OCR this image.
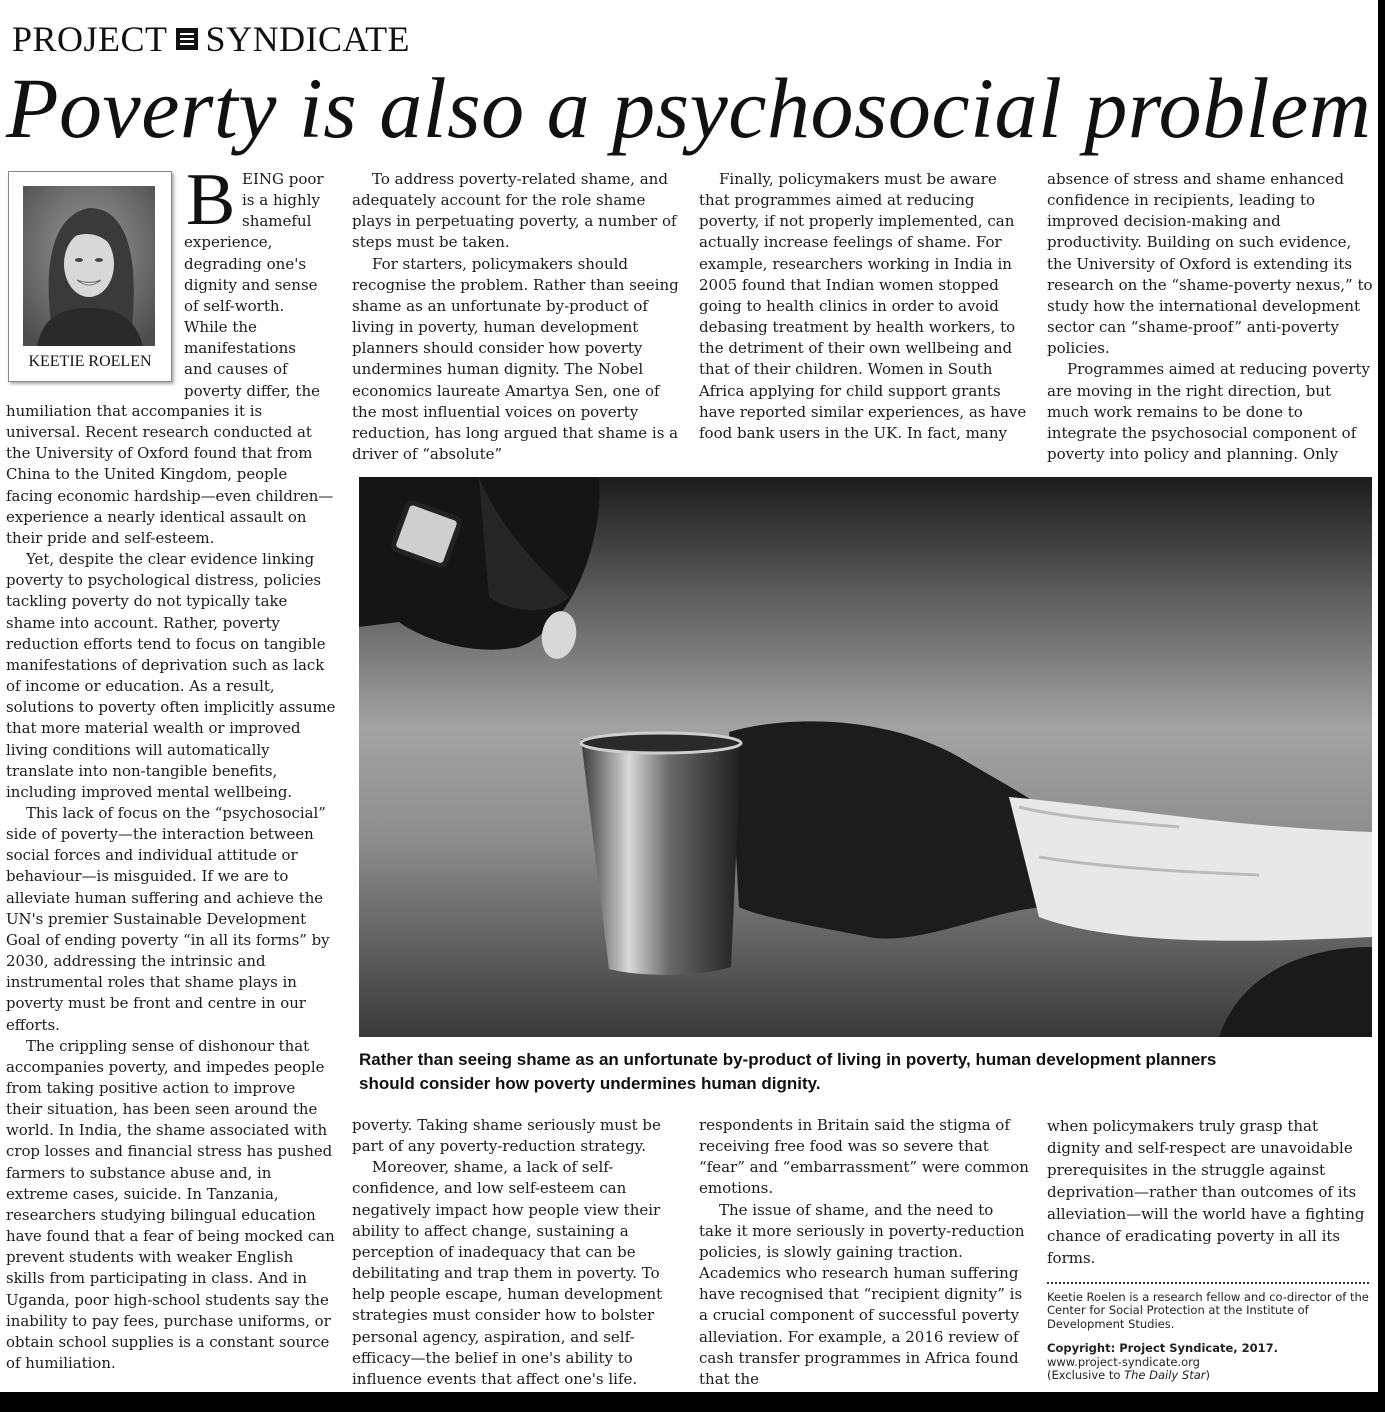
PROJECT SYNDICATE
Poverty is also a psychosocial problem
KEETIE ROELEN
B EING poor
is a highly
shameful
experience,
degrading one's
dignity and sense
of self-worth.
While the
manifestations
and causes of
poverty differ, the

humiliation that accompanies it is universal. Recent research conducted at the University of Oxford found that from China to the United Kingdom, people facing economic hardship—even children—experience a nearly identical assault on their pride and self-esteem.

Yet, despite the clear evidence linking poverty to psychological distress, policies tackling poverty do not typically take shame into account. Rather, poverty reduction efforts tend to focus on tangible manifestations of deprivation such as lack of income or education. As a result, solutions to poverty often implicitly assume that more material wealth or improved living conditions will automatically translate into non-tangible benefits, including improved mental wellbeing.

This lack of focus on the “psychosocial” side of poverty—the interaction between social forces and individual attitude or behaviour—is misguided. If we are to alleviate human suffering and achieve the UN's premier Sustainable Development Goal of ending poverty “in all its forms” by 2030, addressing the intrinsic and instrumental roles that shame plays in poverty must be front and centre in our efforts.

The crippling sense of dishonour that accompanies poverty, and impedes people from taking positive action to improve their situation, has been seen around the world. In India, the shame associated with crop losses and financial stress has pushed farmers to substance abuse and, in extreme cases, suicide. In Tanzania, researchers studying bilingual education have found that a fear of being mocked can prevent students with weaker English skills from participating in class. And in Uganda, poor high-school students say the inability to pay fees, purchase uniforms, or obtain school supplies is a constant source of humiliation.

To address poverty-related shame, and adequately account for the role shame plays in perpetuating poverty, a number of steps must be taken.

For starters, policymakers should recognise the problem. Rather than seeing shame as an unfortunate by-product of living in poverty, human development planners should consider how poverty undermines human dignity. The Nobel economics laureate Amartya Sen, one of the most influential voices on poverty reduction, has long argued that shame is a driver of “absolute”

Finally, policymakers must be aware that programmes aimed at reducing poverty, if not properly implemented, can actually increase feelings of shame. For example, researchers working in India in 2005 found that Indian women stopped going to health clinics in order to avoid debasing treatment by health workers, to the detriment of their own wellbeing and that of their children. Women in South Africa applying for child support grants have reported similar experiences, as have food bank users in the UK. In fact, many

absence of stress and shame enhanced confidence in recipients, leading to improved decision-making and productivity. Building on such evidence, the University of Oxford is extending its research on the “shame-poverty nexus,” to study how the international development sector can “shame-proof” anti-poverty policies.

Programmes aimed at reducing poverty are moving in the right direction, but much work remains to be done to integrate the psychosocial component of poverty into policy and planning. Only

Rather than seeing shame as an unfortunate by-product of living in poverty, human development planners should consider how poverty undermines human dignity.

poverty. Taking shame seriously must be part of any poverty-reduction strategy.

Moreover, shame, a lack of self-confidence, and low self-esteem can negatively impact how people view their ability to affect change, sustaining a perception of inadequacy that can be debilitating and trap them in poverty. To help people escape, human development strategies must consider how to bolster personal agency, aspiration, and self-efficacy—the belief in one's ability to influence events that affect one's life.

respondents in Britain said the stigma of receiving free food was so severe that “fear” and “embarrassment” were common emotions.

The issue of shame, and the need to take it more seriously in poverty-reduction policies, is slowly gaining traction. Academics who research human suffering have recognised that “recipient dignity” is a crucial component of successful poverty alleviation. For example, a 2016 review of cash transfer programmes in Africa found that the

when policymakers truly grasp that dignity and self-respect are unavoidable prerequisites in the struggle against deprivation—rather than outcomes of its alleviation—will the world have a fighting chance of eradicating poverty in all its forms.

Keetie Roelen is a research fellow and co-director of the Center for Social Protection at the Institute of Development Studies.
Copyright: Project Syndicate, 2017.
www.project-syndicate.org
(Exclusive to The Daily Star)
